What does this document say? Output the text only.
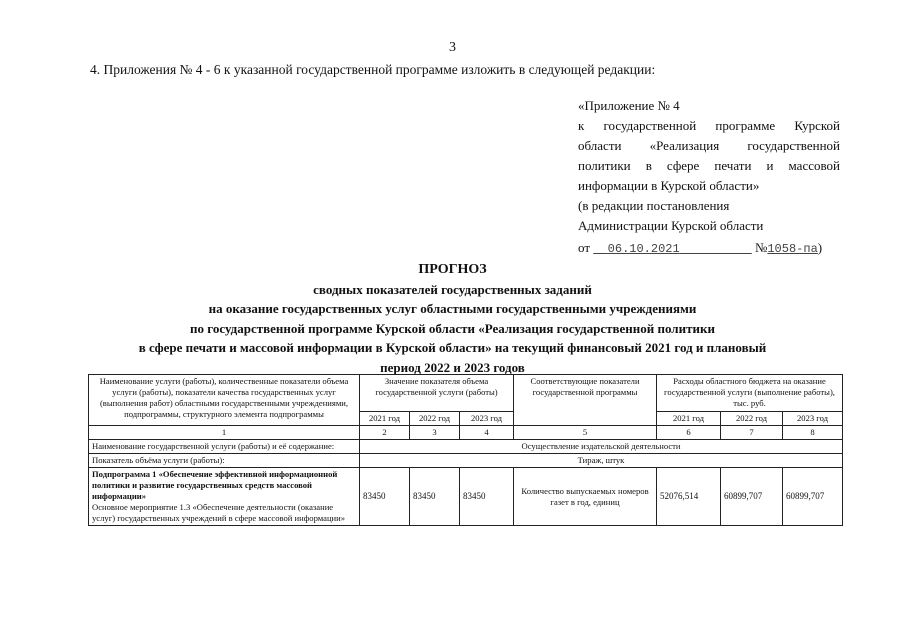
3
4. Приложения № 4 - 6 к указанной государственной программе изложить в следующей редакции:
«Приложение № 4
к государственной программе Курской
области «Реализация государственной
политики в сфере печати и массовой
информации в Курской области»
(в редакции постановления
Администрации Курской области
от 06.10.2021	№1058-па)
ПРОГНОЗ
сводных показателей государственных заданий
на оказание государственных услуг областными государственными учреждениями
по государственной программе Курской области «Реализация государственной политики
в сфере печати и массовой информации в Курской области» на текущий финансовый 2021 год и плановый
период 2022 и 2023 годов
Наименование услуги (работы), количественные показатели объема услуги (работы), показатели качества государственных услуг (выполнения работ) областными государственными учреждениями, подпрограммы, структурного элемента подпрограммы	Значение показателя объема государственной услуги (работы)			Соответствующие показатели государственной программы	Расходы областного бюджета на оказание государственной услуги (выполнение работы), тыс. руб.		
	2021 год	2022 год	2023 год		2021 год	2022 год	2023 год
1	2	3	4	5	6	7	8
Наименование государственной услуги (работы) и её содержание:	Осуществление издательской деятельности						
Показатель объёма услуги (работы):	Тираж, штук						

Подпрограмма 1 «Обеспечение эффективной информационной политики и развитие государственных средств массовой информации»
Основное мероприятие 1.3 «Обеспечение деятельности (оказание услуг) государственных учреждений в сфере массовой информации»	83450	83450	83450	Количество выпускаемых номеров газет в год, единиц	52076,514	60899,707	60899,707
